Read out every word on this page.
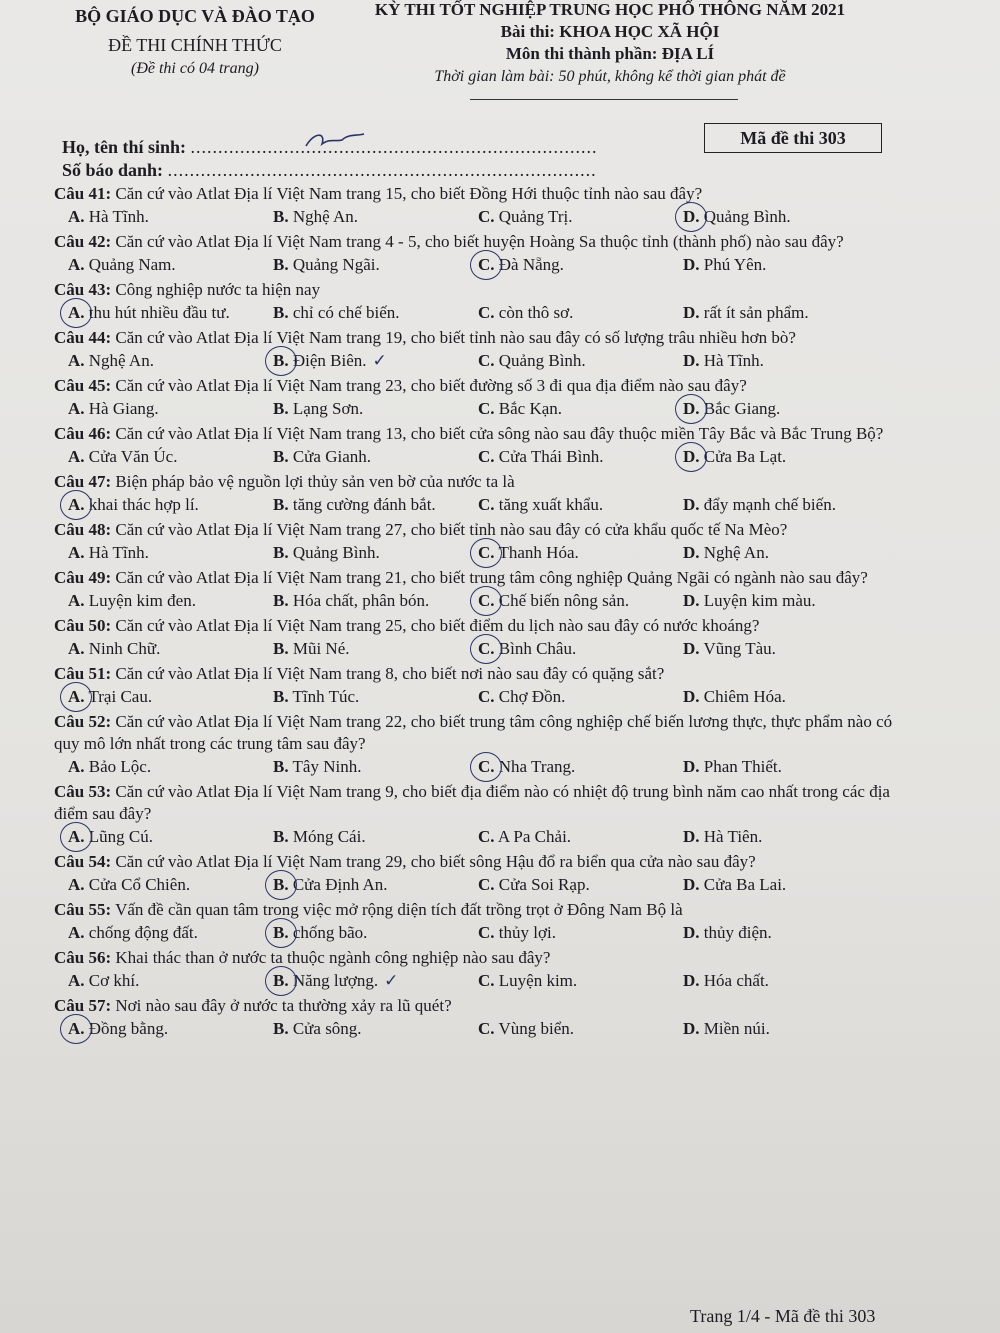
BỘ GIÁO DỤC VÀ ĐÀO TẠO
ĐỀ THI CHÍNH THỨC
(Đề thi có 04 trang)
KỲ THI TỐT NGHIỆP TRUNG HỌC PHỔ THÔNG NĂM 2021
Bài thi: KHOA HỌC XÃ HỘI
Môn thi thành phần: ĐỊA LÍ
Thời gian làm bài: 50 phút, không kể thời gian phát đề
Họ, tên thí sinh: ..........................................................................
Số báo danh: ..............................................................................
Mã đề thi 303
Câu 41: Căn cứ vào Atlat Địa lí Việt Nam trang 15, cho biết Đồng Hới thuộc tỉnh nào sau đây?
A. Hà Tĩnh.	B. Nghệ An.	C. Quảng Trị.	D. Quảng Bình.
Câu 42: Căn cứ vào Atlat Địa lí Việt Nam trang 4 - 5, cho biết huyện Hoàng Sa thuộc tỉnh (thành phố) nào sau đây?
A. Quảng Nam.	B. Quảng Ngãi.	C. Đà Nẵng.	D. Phú Yên.
Câu 43: Công nghiệp nước ta hiện nay
A. thu hút nhiều đầu tư.	B. chỉ có chế biến.	C. còn thô sơ.	D. rất ít sản phẩm.
Câu 44: Căn cứ vào Atlat Địa lí Việt Nam trang 19, cho biết tỉnh nào sau đây có số lượng trâu nhiều hơn bò?
A. Nghệ An.	B. Điện Biên. ✓	C. Quảng Bình.	D. Hà Tĩnh.
Câu 45: Căn cứ vào Atlat Địa lí Việt Nam trang 23, cho biết đường số 3 đi qua địa điểm nào sau đây?
A. Hà Giang.	B. Lạng Sơn.	C. Bắc Kạn.	D. Bắc Giang.
Câu 46: Căn cứ vào Atlat Địa lí Việt Nam trang 13, cho biết cửa sông nào sau đây thuộc miền Tây Bắc và Bắc Trung Bộ?
A. Cửa Văn Úc.	B. Cửa Gianh.	C. Cửa Thái Bình.	D. Cửa Ba Lạt.
Câu 47: Biện pháp bảo vệ nguồn lợi thủy sản ven bờ của nước ta là
A. khai thác hợp lí.	B. tăng cường đánh bắt.	C. tăng xuất khẩu.	D. đẩy mạnh chế biến.
Câu 48: Căn cứ vào Atlat Địa lí Việt Nam trang 27, cho biết tỉnh nào sau đây có cửa khẩu quốc tế Na Mèo?
A. Hà Tĩnh.	B. Quảng Bình.	C. Thanh Hóa.	D. Nghệ An.
Câu 49: Căn cứ vào Atlat Địa lí Việt Nam trang 21, cho biết trung tâm công nghiệp Quảng Ngãi có ngành nào sau đây?
A. Luyện kim đen.	B. Hóa chất, phân bón.	C. Chế biến nông sản.	D. Luyện kim màu.
Câu 50: Căn cứ vào Atlat Địa lí Việt Nam trang 25, cho biết điểm du lịch nào sau đây có nước khoáng?
A. Ninh Chữ.	B. Mũi Né.	C. Bình Châu.	D. Vũng Tàu.
Câu 51: Căn cứ vào Atlat Địa lí Việt Nam trang 8, cho biết nơi nào sau đây có quặng sắt?
A. Trại Cau.	B. Tĩnh Túc.	C. Chợ Đồn.	D. Chiêm Hóa.
Câu 52: Căn cứ vào Atlat Địa lí Việt Nam trang 22, cho biết trung tâm công nghiệp chế biến lương thực, thực phẩm nào có quy mô lớn nhất trong các trung tâm sau đây?
A. Bảo Lộc.	B. Tây Ninh.	C. Nha Trang.	D. Phan Thiết.
Câu 53: Căn cứ vào Atlat Địa lí Việt Nam trang 9, cho biết địa điểm nào có nhiệt độ trung bình năm cao nhất trong các địa điểm sau đây?
A. Lũng Cú.	B. Móng Cái.	C. A Pa Chải.	D. Hà Tiên.
Câu 54: Căn cứ vào Atlat Địa lí Việt Nam trang 29, cho biết sông Hậu đổ ra biển qua cửa nào sau đây?
A. Cửa Cổ Chiên.	B. Cửa Định An.	C. Cửa Soi Rạp.	D. Cửa Ba Lai.
Câu 55: Vấn đề cần quan tâm trong việc mở rộng diện tích đất trồng trọt ở Đông Nam Bộ là
A. chống động đất.	B. chống bão.	C. thủy lợi.	D. thủy điện.
Câu 56: Khai thác than ở nước ta thuộc ngành công nghiệp nào sau đây?
A. Cơ khí.	B. Năng lượng. ✓	C. Luyện kim.	D. Hóa chất.
Câu 57: Nơi nào sau đây ở nước ta thường xảy ra lũ quét?
A. Đồng bằng.	B. Cửa sông.	C. Vùng biển.	D. Miền núi.
Trang 1/4 - Mã đề thi 303
